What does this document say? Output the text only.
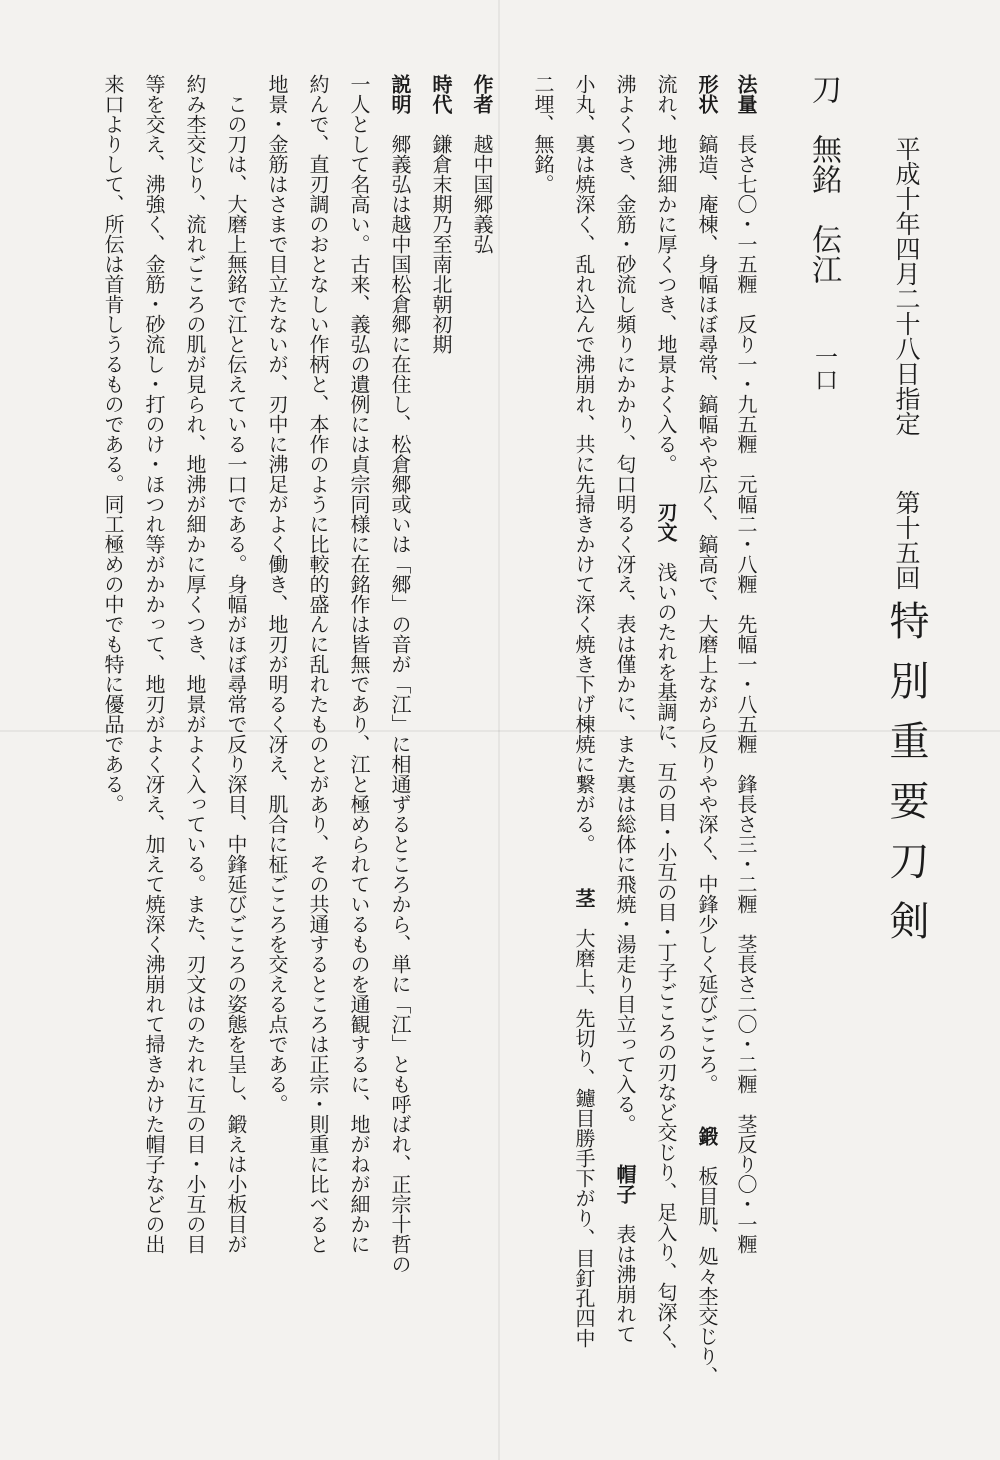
平成十年四月二十八日指定
第十五回
特別重要刀剣
刀　無銘　伝江
一口
法量長さ七〇・一五糎　反り一・九五糎　元幅二・八糎　先幅一・八五糎　鋒長さ三・二糎　茎長さ二〇・二糎　茎反り〇・一糎
形状鎬造、庵棟、身幅ほぼ尋常、鎬幅やや広く、鎬高で、大磨上ながら反りやや深く、中鋒少しく延びごころ。鍛板目肌、処々杢交じり、
流れ、地沸細かに厚くつき、地景よく入る。刃文浅いのたれを基調に、互の目・小互の目・丁子ごころの刃など交じり、足入り、匂深く、
沸よくつき、金筋・砂流し頻りにかかり、匂口明るく冴え、表は僅かに、また裏は総体に飛焼・湯走り目立って入る。帽子表は沸崩れて
小丸、裏は焼深く、乱れ込んで沸崩れ、共に先掃きかけて深く焼き下げ棟焼に繋がる。茎大磨上、先切り、鑢目勝手下がり、目釘孔四中
二埋、無銘。
作者越中国郷義弘
時代鎌倉末期乃至南北朝初期
説明郷義弘は越中国松倉郷に在住し、松倉郷或いは「郷」の音が「江」に相通ずるところから、単に「江」とも呼ばれ、正宗十哲の
一人として名高い。古来、義弘の遺例には貞宗同様に在銘作は皆無であり、江と極められているものを通観するに、地がねが細かに
約んで、直刃調のおとなしい作柄と、本作のように比較的盛んに乱れたものとがあり、その共通するところは正宗・則重に比べると
地景・金筋はさまで目立たないが、刃中に沸足がよく働き、地刃が明るく冴え、肌合に柾ごころを交える点である。
　この刀は、大磨上無銘で江と伝えている一口である。身幅がほぼ尋常で反り深目、中鋒延びごころの姿態を呈し、鍛えは小板目が
約み杢交じり、流れごころの肌が見られ、地沸が細かに厚くつき、地景がよく入っている。また、刃文はのたれに互の目・小互の目
等を交え、沸強く、金筋・砂流し・打のけ・ほつれ等がかかって、地刃がよく冴え、加えて焼深く沸崩れて掃きかけた帽子などの出
来口よりして、所伝は首肯しうるものである。同工極めの中でも特に優品である。
